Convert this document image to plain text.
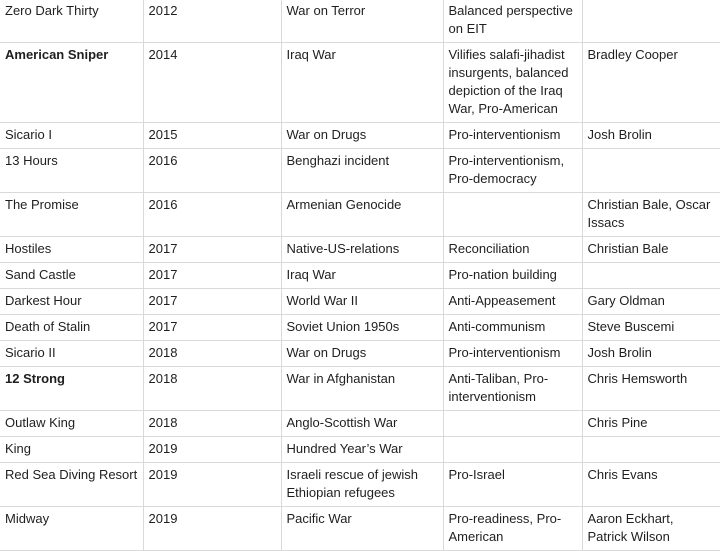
Zero Dark Thirty	2012	War on Terror	Balanced perspective on EIT	
American Sniper	2014	Iraq War	Vilifies salafi-jihadist insurgents, balanced depiction of the Iraq War, Pro-American	Bradley Cooper
Sicario I	2015	War on Drugs	Pro-interventionism	Josh Brolin
13 Hours	2016	Benghazi incident	Pro-interventionism, Pro-democracy	
The Promise	2016	Armenian Genocide		Christian Bale, Oscar Issacs
Hostiles	2017	Native-US-relations	Reconciliation	Christian Bale
Sand Castle	2017	Iraq War	Pro-nation building	
Darkest Hour	2017	World War II	Anti-Appeasement	Gary Oldman
Death of Stalin	2017	Soviet Union 1950s	Anti-communism	Steve Buscemi
Sicario II	2018	War on Drugs	Pro-interventionism	Josh Brolin
12 Strong	2018	War in Afghanistan	Anti-Taliban, Pro-interventionism	Chris Hemsworth
Outlaw King	2018	Anglo-Scottish War		Chris Pine
King	2019	Hundred Year’s War		
Red Sea Diving Resort	2019	Israeli rescue of jewish Ethiopian refugees	Pro-Israel	Chris Evans
Midway	2019	Pacific War	Pro-readiness, Pro-American	Aaron Eckhart, Patrick Wilson
